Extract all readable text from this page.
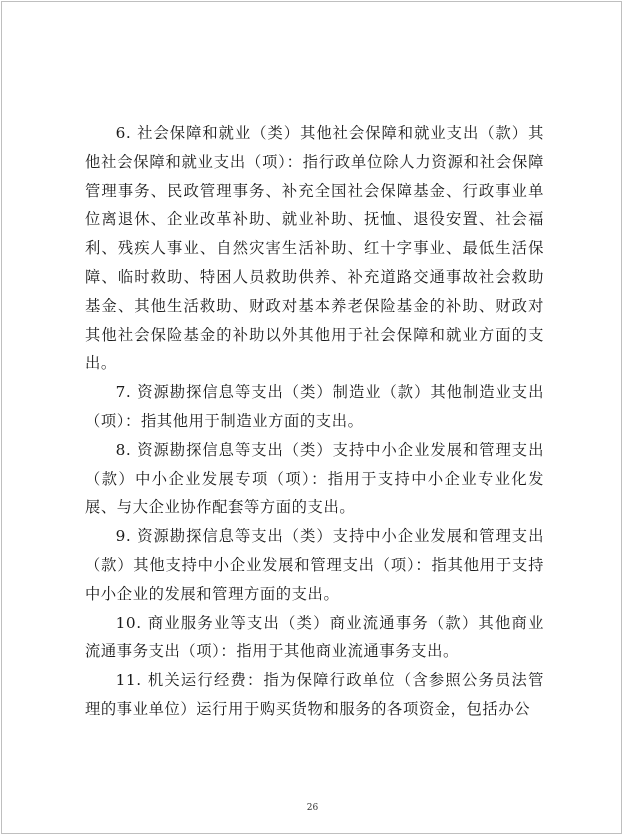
6. 社会保障和就业（类）其他社会保障和就业支出（款）其他社会保障和就业支出（项）：指行政单位除人力资源和社会保障管理事务、民政管理事务、补充全国社会保障基金、行政事业单位离退休、企业改革补助、就业补助、抚恤、退役安置、社会福利、残疾人事业、自然灾害生活补助、红十字事业、最低生活保障、临时救助、特困人员救助供养、补充道路交通事故社会救助基金、其他生活救助、财政对基本养老保险基金的补助、财政对其他社会保险基金的补助以外其他用于社会保障和就业方面的支出。

7. 资源勘探信息等支出（类）制造业（款）其他制造业支出（项）：指其他用于制造业方面的支出。

8. 资源勘探信息等支出（类）支持中小企业发展和管理支出（款）中小企业发展专项（项）：指用于支持中小企业专业化发展、与大企业协作配套等方面的支出。

9. 资源勘探信息等支出（类）支持中小企业发展和管理支出（款）其他支持中小企业发展和管理支出（项）：指其他用于支持中小企业的发展和管理方面的支出。

10. 商业服务业等支出（类）商业流通事务（款）其他商业流通事务支出（项）：指用于其他商业流通事务支出。

11. 机关运行经费：指为保障行政单位（含参照公务员法管理的事业单位）运行用于购买货物和服务的各项资金，包括办公

26
